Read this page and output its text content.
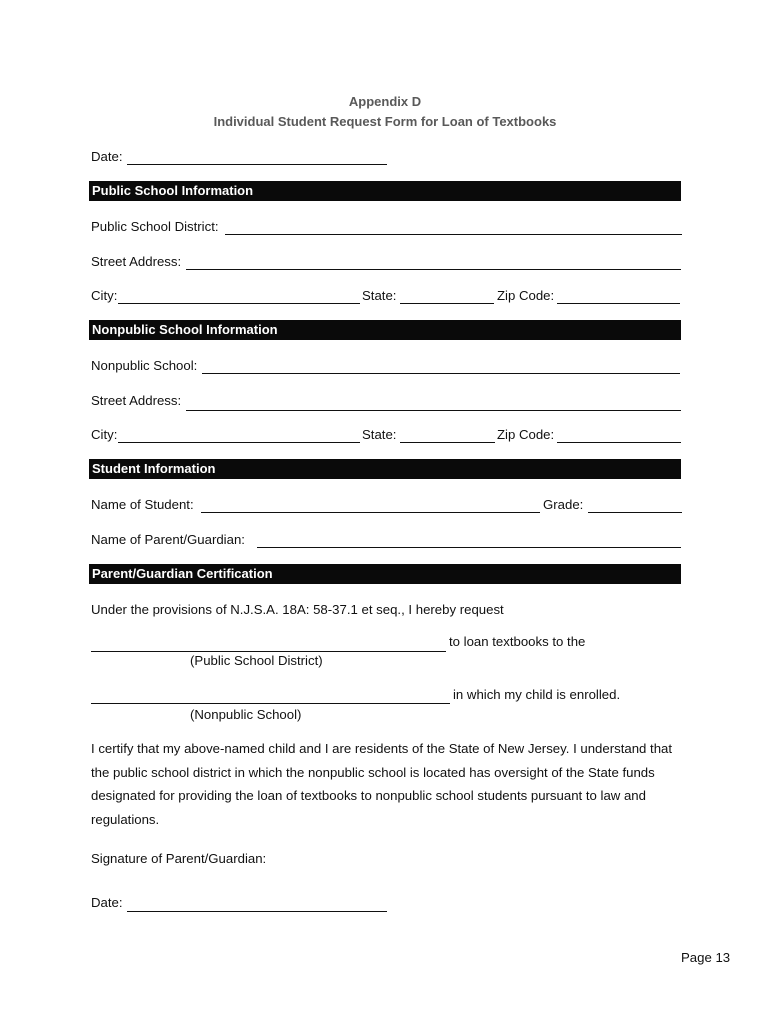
Appendix D
Individual Student Request Form for Loan of Textbooks
Date:
Public School Information
Public School District:
Street Address:
City:	State:	Zip Code:
Nonpublic School Information
Nonpublic School:
Street Address:
City:	State:	Zip Code:
Student Information
Name of Student:	Grade:
Name of Parent/Guardian:
Parent/Guardian Certification
Under the provisions of N.J.S.A. 18A: 58-37.1 et seq., I hereby request
to loan textbooks to the
(Public School District)
in which my child is enrolled.
(Nonpublic School)
I certify that my above-named child and I are residents of the State of New Jersey. I understand that the public school district in which the nonpublic school is located has oversight of the State funds designated for providing the loan of textbooks to nonpublic school students pursuant to law and regulations.
Signature of Parent/Guardian:
Date:
Page 13
